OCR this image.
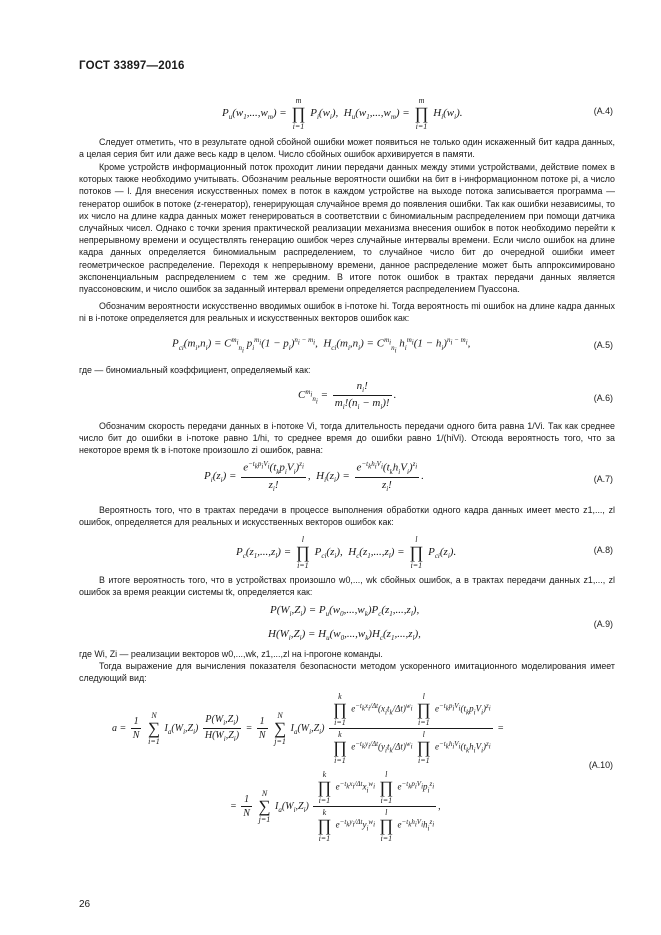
ГОСТ 33897—2016
$P_u(w_1,...,w_m) = m$
∏
i=1 $P_i(w_i)$,  $H_u(w_1,...,w_m) = m$
∏
i=1 $H_i(w_i)$.	(A.4)
Следует отметить, что в результате одной сбойной ошибки может появиться не только один искаженный бит кадра данных, а целая серия бит или даже весь кадр в целом. Число сбойных ошибок архивируется в памяти.
Кроме устройств информационный поток проходит линии передачи данных между этими устройствами, действие помех в которых также необходимо учитывать. Обозначим реальные вероятности ошибки на бит в i-информационном потоке pi, а число потоков — l. Для внесения искусственных помех в поток в каждом устройстве на выходе потока записывается программа — генератор ошибок в потоке (z-генератор), генерирующая случайное время до появления ошибки. Так как ошибки независимы, то их число на длине кадра данных может генерироваться в соответствии с биномиальным распределением при помощи датчика случайных чисел. Однако с точки зрения практической реализации механизма внесения ошибок в поток необходимо перейти к непрерывному времени и осуществлять генерацию ошибок через случайные интервалы времени. Если число ошибок на длине кадра данных определяется биномиальным распределением, то случайное число бит до очередной ошибки имеет геометрическое распределение. Переходя к непрерывному времени, данное распределение может быть аппроксимировано экспоненциальным распределением с тем же средним. В итоге поток ошибок в трактах передачи данных является пуассоновским, и число ошибок за заданный интервал времени определяется распределением Пуассона.
Обозначим вероятности искусственно вводимых ошибок в i-потоке hi. Тогда вероятность mi ошибок на длине кадра данных ni в i-потоке определяется для реальных и искусственных векторов ошибок как:
$P_{ci}(m_i,n_i) = C^{m_i}_{n_i}$ $p_i^{m_i}(1 - p_i)^{n_i - m_i}$,  $H_{ci}(m_i,n_i) = C^{m_i}_{n_i}$ $h_i^{m_i}(1 - h_i)^{n_i - m_i}$,	(A.5)
где — биномиальный коэффициент, определяемый как:
$C^{m_i}_{n_i} = \frac{n_i!}{m_i!(n_i - m_i)!}$ .	(A.6)
Обозначим скорость передачи данных в i-потоке Vi, тогда длительность передачи одного бита равна 1/Vi. Так как среднее число бит до ошибки в i-потоке равно 1/hi, то среднее время до ошибки равно 1/(hiVi). Отсюда вероятность того, что за некоторое время tk в i-потоке произошло zi ошибок, равна:
$P_i(z_i) = \frac{e^{-t_kp_iV_i}(t_kp_iV_i)^{z_i}}{z_i!}$ ,  $H_i(z_i) = \frac{e^{-t_kh_iV_i}(t_kh_iV_i)^{z_i}}{z_i!}$ .	(A.7)
Вероятность того, что в трактах передачи в процессе выполнения обработки одного кадра данных имеет место z1,..., zl ошибок, определяется для реальных и искусственных векторов ошибок как:
$P_c(z_1,...,z_l) = l$
∏
i=1 $P_{ci}(z_i)$,  $H_c(z_1,...,z_l) = l$
∏
i=1 $P_{ci}(z_i)$.	(A.8)
В итоге вероятность того, что в устройствах произошло w0,..., wk сбойных ошибок, а в трактах передачи данных z1,..., zl ошибок за время реакции системы tk, определяется как:
$P(W_i,Z_i) = P_u(w_0,...,w_k)P_c(z_1,...,z_l)$,
$H(W_i,Z_i) = H_u(w_0,...,w_k)H_c(z_1,...,z_l)$,
(A.9)
где Wi, Zi — реализации векторов w0,...,wk, z1,...,zl на i-прогоне команды.
Тогда выражение для вычисления показателя безопасности методом ускоренного имитационного моделирования имеет следующий вид:
$a = \frac{1}{N}$
N
∑
i=1 $I_a(W_i,Z_i) \frac{P(W_i,Z_i)}{H(W_i,Z_i)} = \frac{1}{N}$
N
∑
j=1 $I_a(W_i,Z_i)$
k
∏
i=1 $e^{-t_kx_i/\Delta t}(x_it_k/\Delta t)^{w_i}$ l
∏
i=1 $e^{-t_kp_iV_i}(t_kp_iV_i)^{z_i}$
k
∏
i=1 $e^{-t_ky_i/\Delta t}(y_it_k/\Delta t)^{w_i}$ l
∏
i=1 $e^{-t_kh_iV_i}(t_kh_iV_i)^{z_i}$
=
(A.10)
= $\frac{1}{N}$
N
∑
j=1 $I_a(W_i,Z_i)$ k
∏
i=1 $e^{-t_kx_i/\Delta t}x_i^{w_i}$ l
∏
i=1 $e^{-t_kp_iV_i}p_i^{z_i}$
k
∏
i=1 $e^{-t_ky_i/\Delta t}y_i^{w_i}$ l
∏
i=1 $e^{-t_kh_iV_i}h_i^{z_i}$ ,
26
